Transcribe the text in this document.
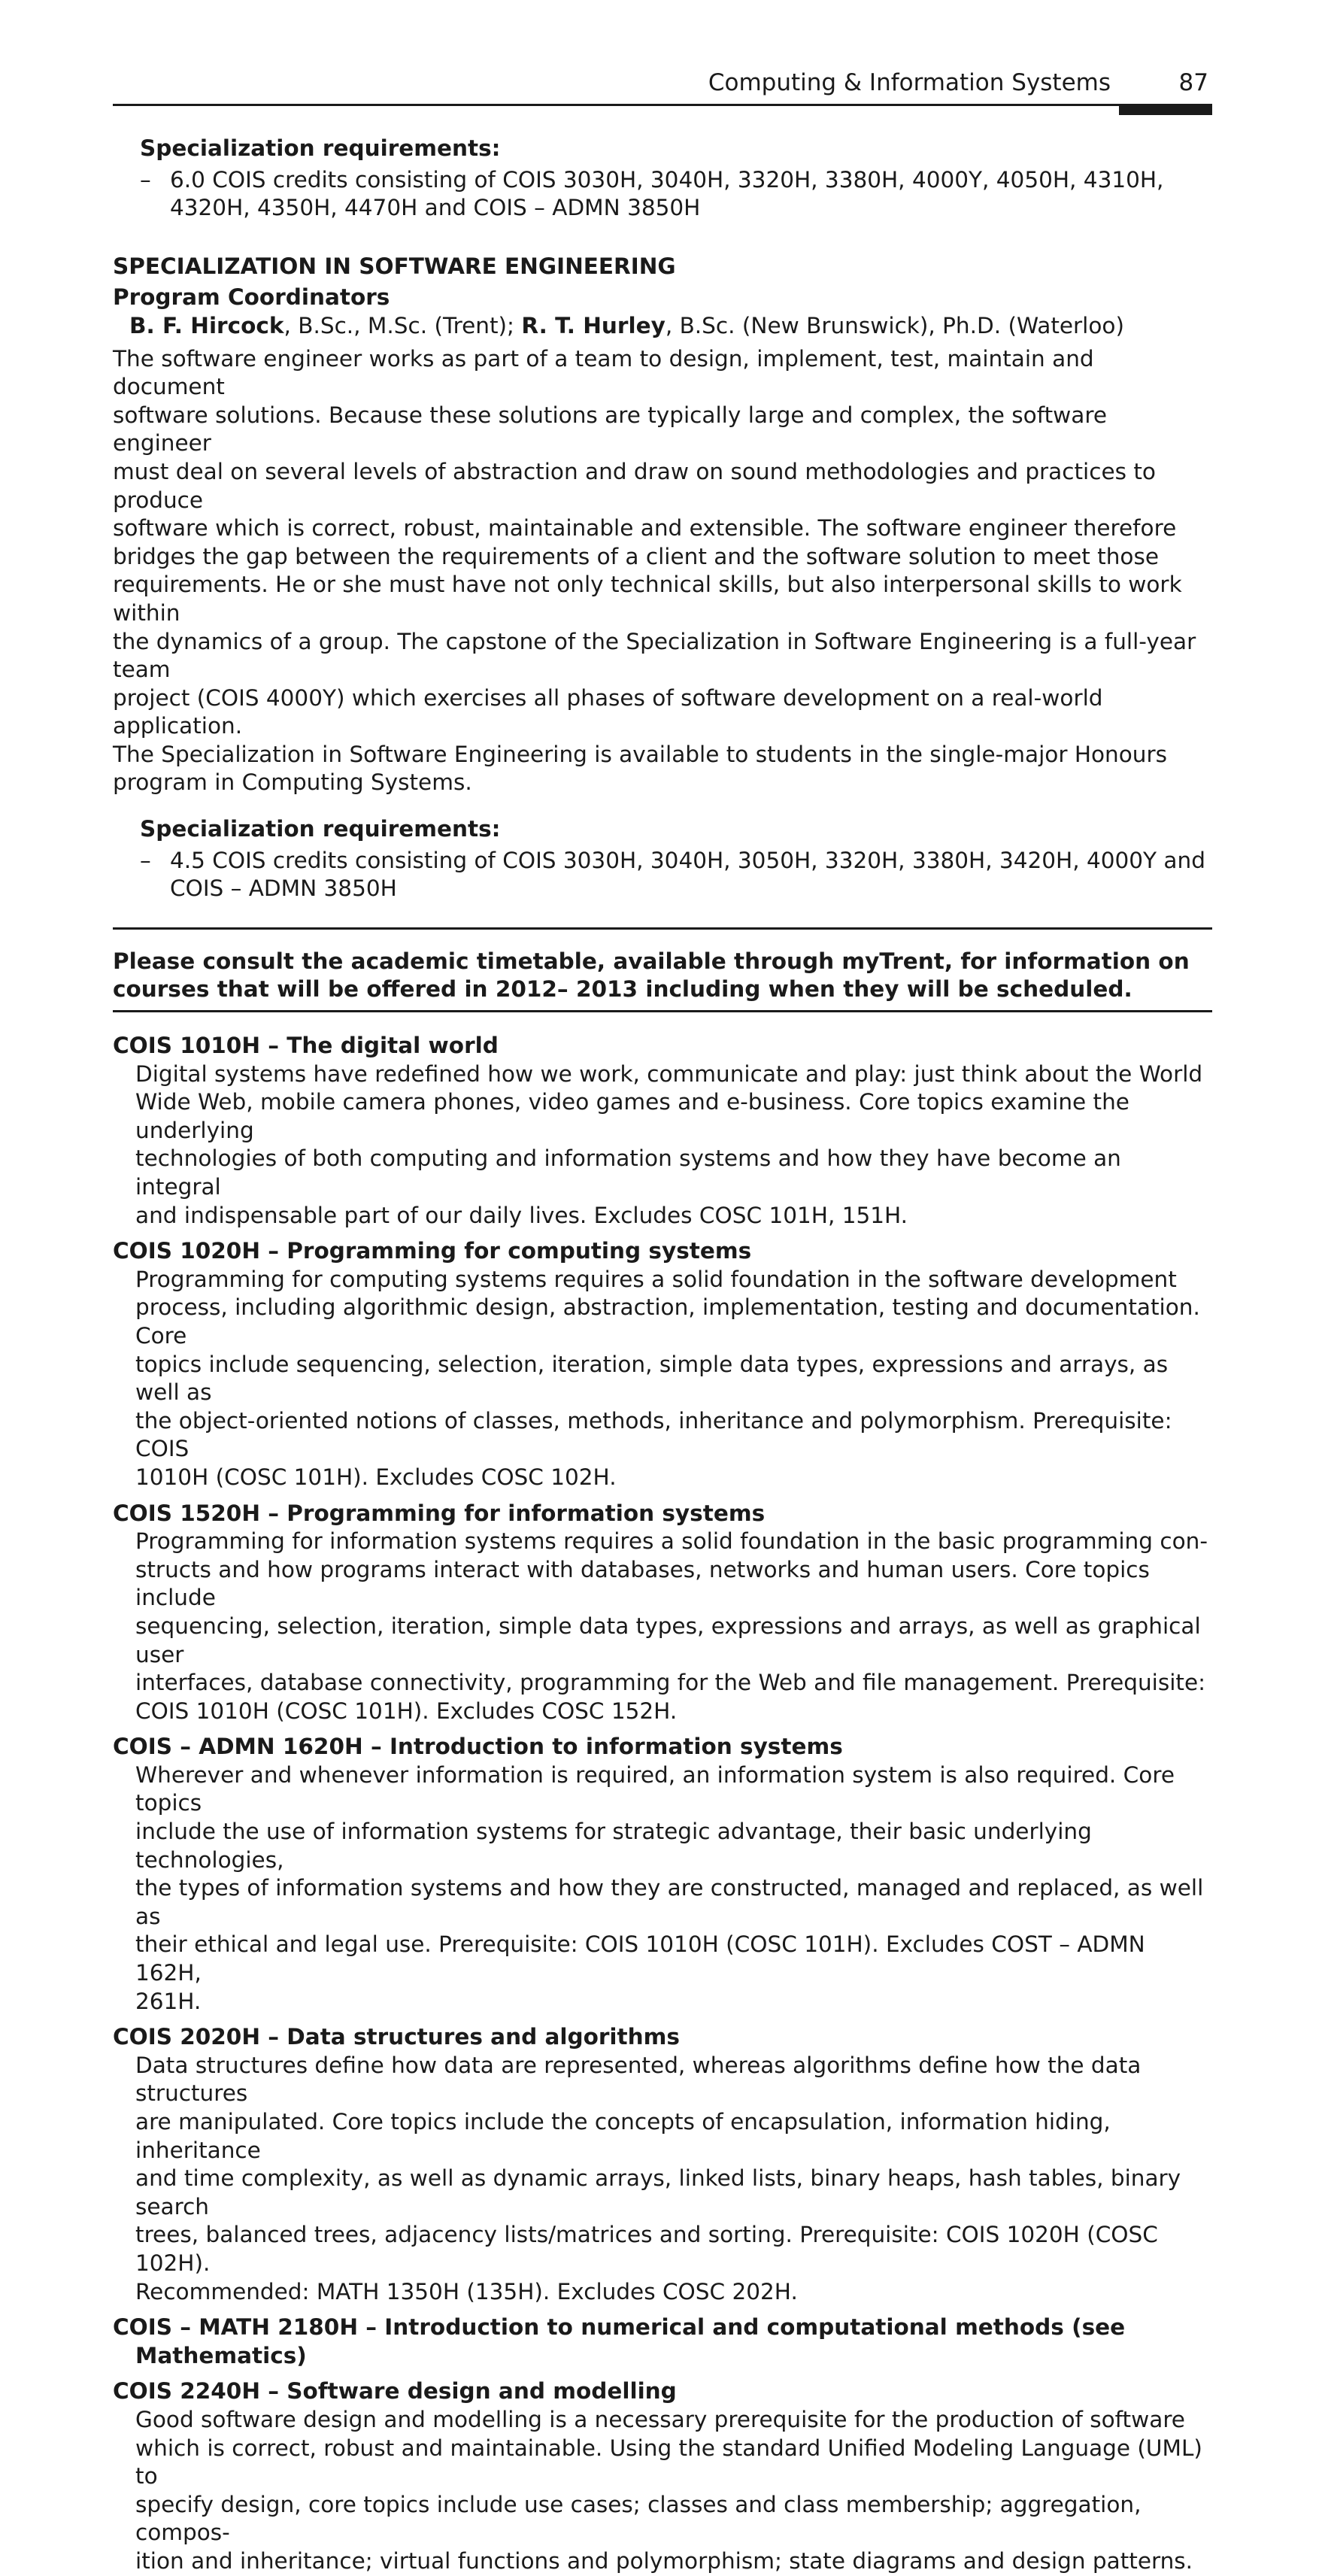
Computing & Information Systems	87
Specialization requirements:
– 6.0 COIS credits consisting of COIS 3030H, 3040H, 3320H, 3380H, 4000Y, 4050H, 4310H,
4320H, 4350H, 4470H and COIS – ADMN 3850H
SPECIALIZATION IN SOFTWARE ENGINEERING
Program Coordinators
B. F. Hircock, B.Sc., M.Sc. (Trent); R. T. Hurley, B.Sc. (New Brunswick), Ph.D. (Waterloo)
The software engineer works as part of a team to design, implement, test, maintain and document
software solutions. Because these solutions are typically large and complex, the software engineer
must deal on several levels of abstraction and draw on sound methodologies and practices to produce
software which is correct, robust, maintainable and extensible. The software engineer therefore
bridges the gap between the requirements of a client and the software solution to meet those
requirements. He or she must have not only technical skills, but also interpersonal skills to work within
the dynamics of a group. The capstone of the Specialization in Software Engineering is a full-year team
project (COIS 4000Y) which exercises all phases of software development on a real-world application.
The Specialization in Software Engineering is available to students in the single-major Honours
program in Computing Systems.
Specialization requirements:
– 4.5 COIS credits consisting of COIS 3030H, 3040H, 3050H, 3320H, 3380H, 3420H, 4000Y and
COIS – ADMN 3850H
Please consult the academic timetable, available through myTrent, for information on
courses that will be offered in 2012– 2013 including when they will be scheduled.
COIS 1010H – The digital world
Digital systems have redefined how we work, communicate and play: just think about the World
Wide Web, mobile camera phones, video games and e-business. Core topics examine the underlying
technologies of both computing and information systems and how they have become an integral
and indispensable part of our daily lives. Excludes COSC 101H, 151H.
COIS 1020H – Programming for computing systems
Programming for computing systems requires a solid foundation in the software development
process, including algorithmic design, abstraction, implementation, testing and documentation. Core
topics include sequencing, selection, iteration, simple data types, expressions and arrays, as well as
the object-oriented notions of classes, methods, inheritance and polymorphism. Prerequisite: COIS
1010H (COSC 101H). Excludes COSC 102H.
COIS 1520H – Programming for information systems
Programming for information systems requires a solid foundation in the basic programming con-
structs and how programs interact with databases, networks and human users. Core topics include
sequencing, selection, iteration, simple data types, expressions and arrays, as well as graphical user
interfaces, database connectivity, programming for the Web and file management. Prerequisite:
COIS 1010H (COSC 101H). Excludes COSC 152H.
COIS – ADMN 1620H – Introduction to information systems
Wherever and whenever information is required, an information system is also required. Core topics
include the use of information systems for strategic advantage, their basic underlying technologies,
the types of information systems and how they are constructed, managed and replaced, as well as
their ethical and legal use. Prerequisite: COIS 1010H (COSC 101H). Excludes COST – ADMN 162H,
261H.
COIS 2020H – Data structures and algorithms
Data structures define how data are represented, whereas algorithms define how the data structures
are manipulated. Core topics include the concepts of encapsulation, information hiding, inheritance
and time complexity, as well as dynamic arrays, linked lists, binary heaps, hash tables, binary search
trees, balanced trees, adjacency lists/matrices and sorting. Prerequisite: COIS 1020H (COSC 102H).
Recommended: MATH 1350H (135H). Excludes COSC 202H.
COIS – MATH 2180H – Introduction to numerical and computational methods (see
Mathematics)
COIS 2240H – Software design and modelling
Good software design and modelling is a necessary prerequisite for the production of software
which is correct, robust and maintainable. Using the standard Unified Modeling Language (UML) to
specify design, core topics include use cases; classes and class membership; aggregation, compos-
ition and inheritance; virtual functions and polymorphism; state diagrams and design patterns.
